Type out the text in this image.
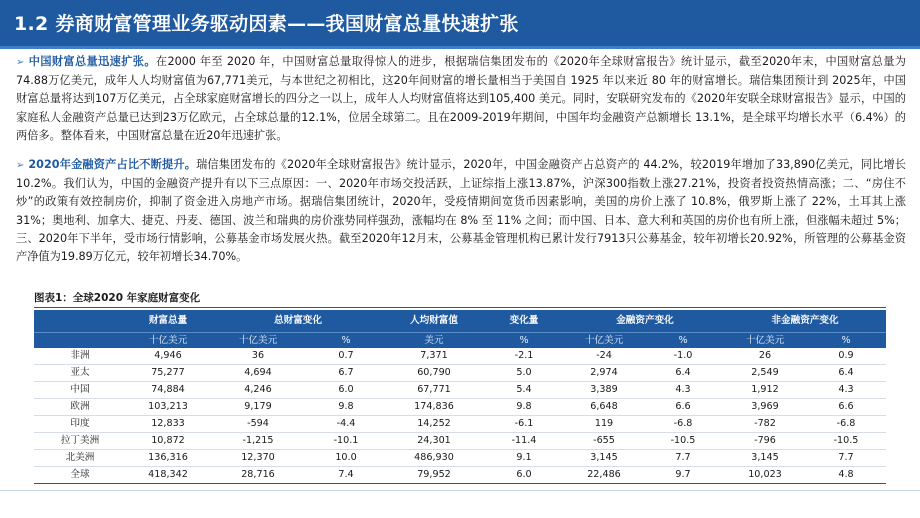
1.2 券商财富管理业务驱动因素——我国财富总量快速扩张
➢ 中国财富总量迅速扩张。在2000 年至 2020 年，中国财富总量取得惊人的进步，根据瑞信集团发布的《2020年全球财富报告》统计显示，截至2020年末，中国财富总量为74.88万亿美元，成年人人均财富值为67,771美元，与本世纪之初相比，这20年间财富的增长量相当于美国自 1925 年以来近 80 年的财富增长。瑞信集团预计到 2025年，中国财富总量将达到107万亿美元，占全球家庭财富增长的四分之一以上，成年人人均财富值将达到105,400 美元。同时，安联研究发布的《2020年安联全球财富报告》显示，中国的家庭私人金融资产总量已达到23万亿欧元，占全球总量的12.1%，位居全球第二。且在2009-2019年期间，中国年均金融资产总额增长 13.1%，是全球平均增长水平（6.4%）的两倍多。整体看来，中国财富总量在近20年迅速扩张。
➢ 2020年金融资产占比不断提升。瑞信集团发布的《2020年全球财富报告》统计显示，2020年，中国金融资产占总资产的 44.2%，较2019年增加了33,890亿美元，同比增长10.2%。我们认为，中国的金融资产提升有以下三点原因：一、2020年市场交投活跃，上证综指上涨13.87%，沪深300指数上涨27.21%，投资者投资热情高涨；二、“房住不炒”的政策有效控制房价，抑制了资金进入房地产市场。据瑞信集团统计，2020年，受疫情期间宽货币因素影响，美国的房价上涨了 10.8%，俄罗斯上涨了 22%，土耳其上涨 31%；奥地利、加拿大、捷克、丹麦、德国、波兰和瑞典的房价涨势同样强劲，涨幅均在 8% 至 11% 之间；而中国、日本、意大利和英国的房价也有所上涨，但涨幅未超过 5%；三、2020年下半年，受市场行情影响，公募基金市场发展火热。截至2020年12月末，公募基金管理机构已累计发行7913只公募基金，较年初增长20.92%，所管理的公募基金资产净值为19.89万亿元，较年初增长34.70%。
图表1：全球2020 年家庭财富变化
	财富总量	总财富变化		人均财富值	变化量	金融资产变化		非金融资产变化	
	十亿美元	十亿美元	%	美元	%	十亿美元	%	十亿美元	%
非洲	4,946	36	0.7	7,371	-2.1	-24	-1.0	26	0.9
亚太	75,277	4,694	6.7	60,790	5.0	2,974	6.4	2,549	6.4
中国	74,884	4,246	6.0	67,771	5.4	3,389	4.3	1,912	4.3
欧洲	103,213	9,179	9.8	174,836	9.8	6,648	6.6	3,969	6.6
印度	12,833	-594	-4.4	14,252	-6.1	119	-6.8	-782	-6.8
拉丁美洲	10,872	-1,215	-10.1	24,301	-11.4	-655	-10.5	-796	-10.5
北美洲	136,316	12,370	10.0	486,930	9.1	3,145	7.7	3,145	7.7
全球	418,342	28,716	7.4	79,952	6.0	22,486	9.7	10,023	4.8
